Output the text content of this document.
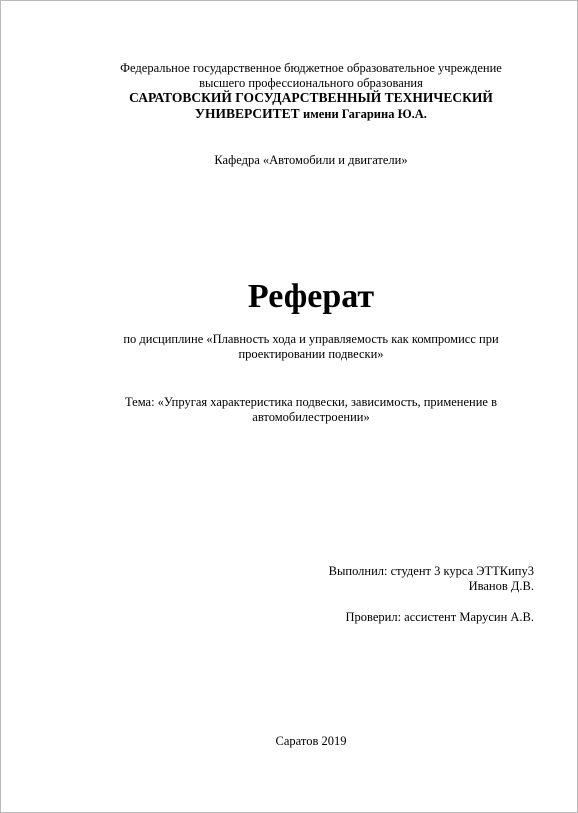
Федеральное государственное бюджетное образовательное учреждение
высшего профессионального образования
САРАТОВСКИЙ ГОСУДАРСТВЕННЫЙ ТЕХНИЧЕСКИЙ
УНИВЕРСИТЕТ имени Гагарина Ю.А.
Кафедра «Автомобили и двигатели»
Реферат
по дисциплине «Плавность хода и управляемость как компромисс при
проектировании подвески»
Тема: «Упругая характеристика подвески, зависимость, применение в
автомобилестроении»
Выполнил: студент 3 курса ЭТТКипу3
Иванов Д.В.
Проверил: ассистент Марусин А.В.
Саратов 2019
